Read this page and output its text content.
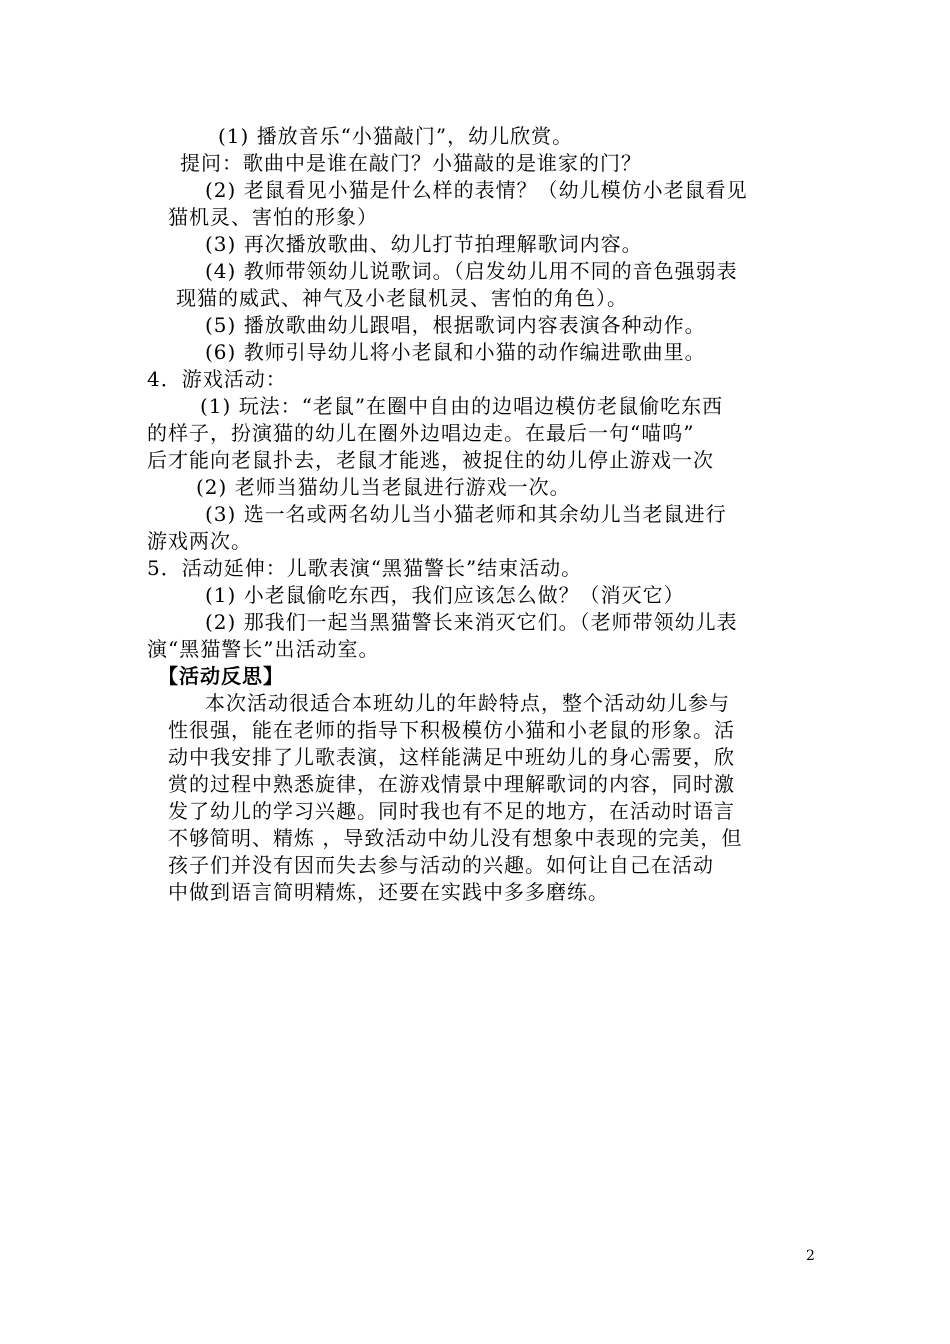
(1) 播放音乐“小猫敲门”，幼儿欣赏。
提问：歌曲中是谁在敲门？小猫敲的是谁家的门？
(2) 老鼠看见小猫是什么样的表情？（幼儿模仿小老鼠看见
猫机灵、害怕的形象）
(3) 再次播放歌曲、幼儿打节拍理解歌词内容。
(4) 教师带领幼儿说歌词。（启发幼儿用不同的音色强弱表
现猫的威武、神气及小老鼠机灵、害怕的角色）。
(5) 播放歌曲幼儿跟唱，根据歌词内容表演各种动作。
(6) 教师引导幼儿将小老鼠和小猫的动作编进歌曲里。
4．游戏活动：
(1) 玩法：“老鼠”在圈中自由的边唱边模仿老鼠偷吃东西
的样子，扮演猫的幼儿在圈外边唱边走。在最后一句“喵呜”
后才能向老鼠扑去，老鼠才能逃，被捉住的幼儿停止游戏一次
(2) 老师当猫幼儿当老鼠进行游戏一次。
(3) 选一名或两名幼儿当小猫老师和其余幼儿当老鼠进行
游戏两次。
5．活动延伸：儿歌表演“黑猫警长”结束活动。
(1) 小老鼠偷吃东西，我们应该怎么做？（消灭它）
(2) 那我们一起当黑猫警长来消灭它们。（老师带领幼儿表
演“黑猫警长”出活动室。
【活动反思】
本次活动很适合本班幼儿的年龄特点，整个活动幼儿参与
性很强，能在老师的指导下积极模仿小猫和小老鼠的形象。活
动中我安排了儿歌表演，这样能满足中班幼儿的身心需要，欣
赏的过程中熟悉旋律，在游戏情景中理解歌词的内容，同时激
发了幼儿的学习兴趣。同时我也有不足的地方，在活动时语言
不够简明、精炼 ，导致活动中幼儿没有想象中表现的完美，但
孩子们并没有因而失去参与活动的兴趣。如何让自己在活动
中做到语言简明精炼，还要在实践中多多磨练。
2
